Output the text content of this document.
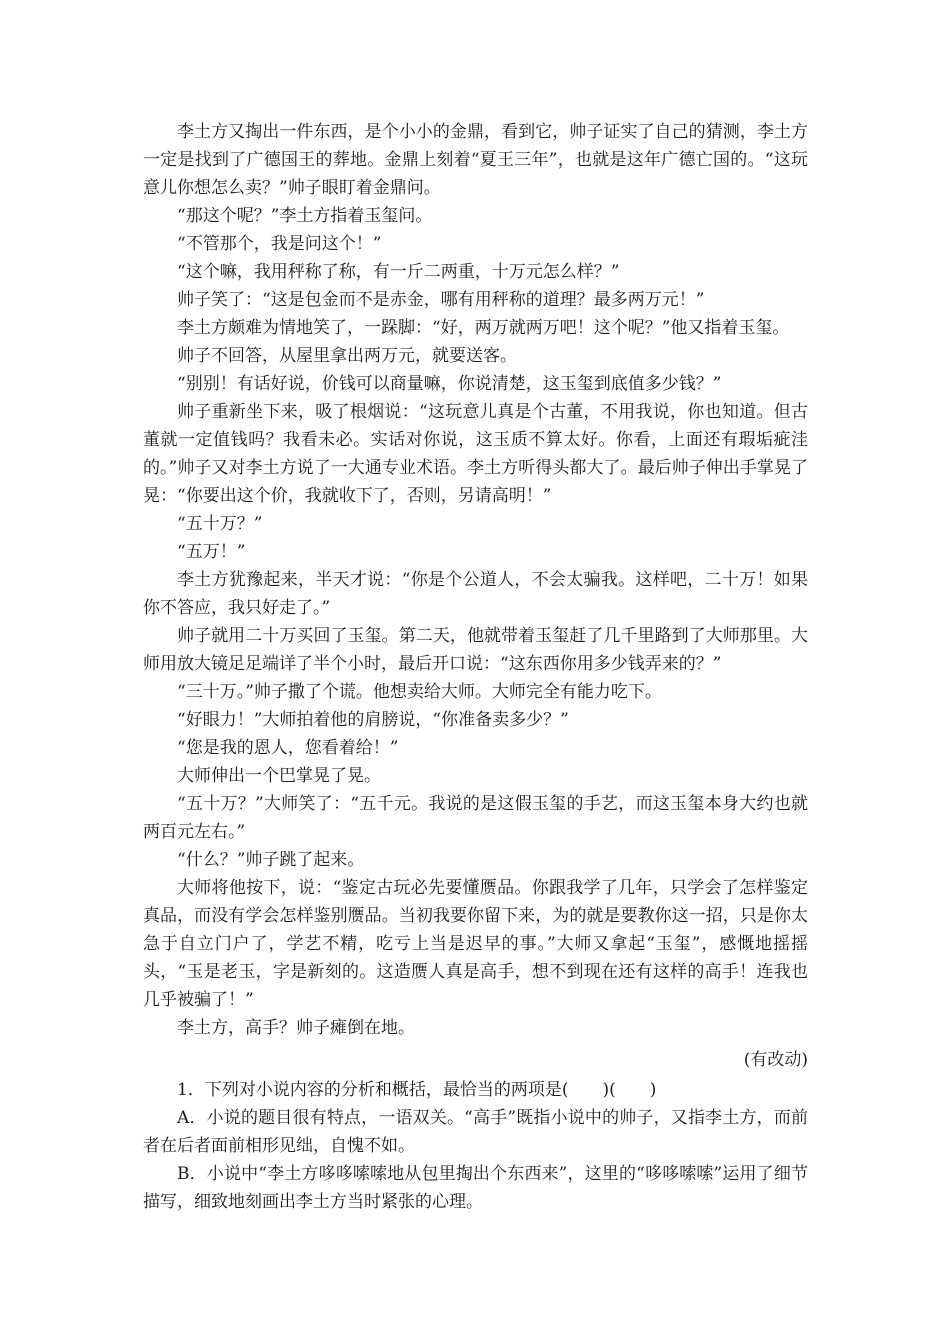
李土方又掏出一件东西，是个小小的金鼎，看到它，帅子证实了自己的猜测，李土方一定是找到了广德国王的葬地。金鼎上刻着“夏王三年”，也就是这年广德亡国的。“这玩意儿你想怎么卖？”帅子眼盯着金鼎问。

“那这个呢？”李土方指着玉玺问。

“不管那个，我是问这个！”

“这个嘛，我用秤称了称，有一斤二两重，十万元怎么样？”

帅子笑了：“这是包金而不是赤金，哪有用秤称的道理？最多两万元！”

李土方颇难为情地笑了，一跺脚：“好，两万就两万吧！这个呢？”他又指着玉玺。

帅子不回答，从屋里拿出两万元，就要送客。

“别别！有话好说，价钱可以商量嘛，你说清楚，这玉玺到底值多少钱？”

帅子重新坐下来，吸了根烟说：“这玩意儿真是个古董，不用我说，你也知道。但古董就一定值钱吗？我看未必。实话对你说，这玉质不算太好。你看，上面还有瑕垢疵洼的。”帅子又对李土方说了一大通专业术语。李土方听得头都大了。最后帅子伸出手掌晃了晃：“你要出这个价，我就收下了，否则，另请高明！”

“五十万？”

“五万！”

李土方犹豫起来，半天才说：“你是个公道人，不会太骗我。这样吧，二十万！如果你不答应，我只好走了。”

帅子就用二十万买回了玉玺。第二天，他就带着玉玺赶了几千里路到了大师那里。大师用放大镜足足端详了半个小时，最后开口说：“这东西你用多少钱弄来的？”

“三十万。”帅子撒了个谎。他想卖给大师。大师完全有能力吃下。

“好眼力！”大师拍着他的肩膀说，“你准备卖多少？”

“您是我的恩人，您看着给！”

大师伸出一个巴掌晃了晃。

“五十万？”大师笑了：“五千元。我说的是这假玉玺的手艺，而这玉玺本身大约也就两百元左右。”

“什么？”帅子跳了起来。

大师将他按下，说：“鉴定古玩必先要懂赝品。你跟我学了几年，只学会了怎样鉴定真品，而没有学会怎样鉴别赝品。当初我要你留下来，为的就是要教你这一招，只是你太急于自立门户了，学艺不精，吃亏上当是迟早的事。”大师又拿起“玉玺”，感慨地摇摇头，“玉是老玉，字是新刻的。这造赝人真是高手，想不到现在还有这样的高手！连我也几乎被骗了！”

李土方，高手？帅子瘫倒在地。

(有改动)

1．下列对小说内容的分析和概括，最恰当的两项是(　　)(　　)

A．小说的题目很有特点，一语双关。“高手”既指小说中的帅子，又指李土方，而前者在后者面前相形见绌，自愧不如。

B．小说中“李土方哆哆嗦嗦地从包里掏出个东西来”，这里的“哆哆嗦嗦”运用了细节描写，细致地刻画出李土方当时紧张的心理。
